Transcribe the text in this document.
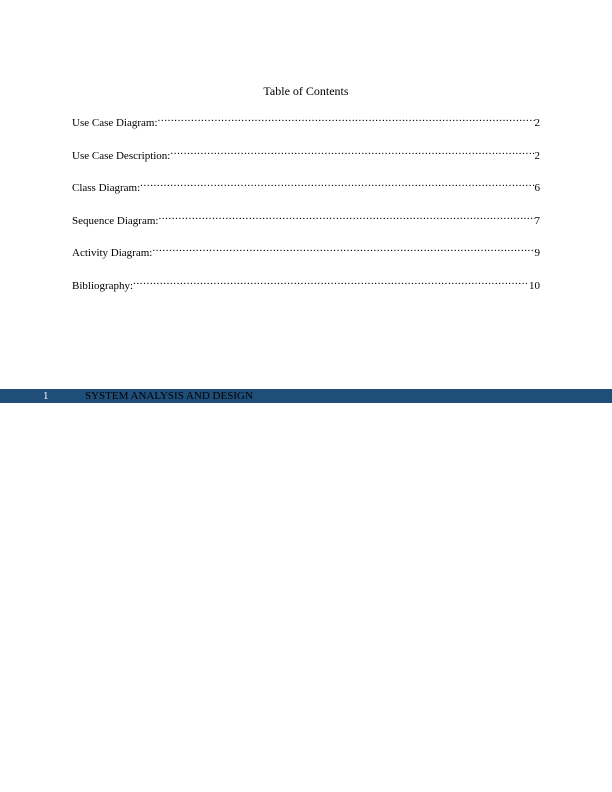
Table of Contents
Use Case Diagram: .....	2
Use Case Description: .....	2
Class Diagram: .....	6
Sequence Diagram: .....	7
Activity Diagram: .....	9
Bibliography: .....	10
1	SYSTEM ANALYSIS AND DESIGN
